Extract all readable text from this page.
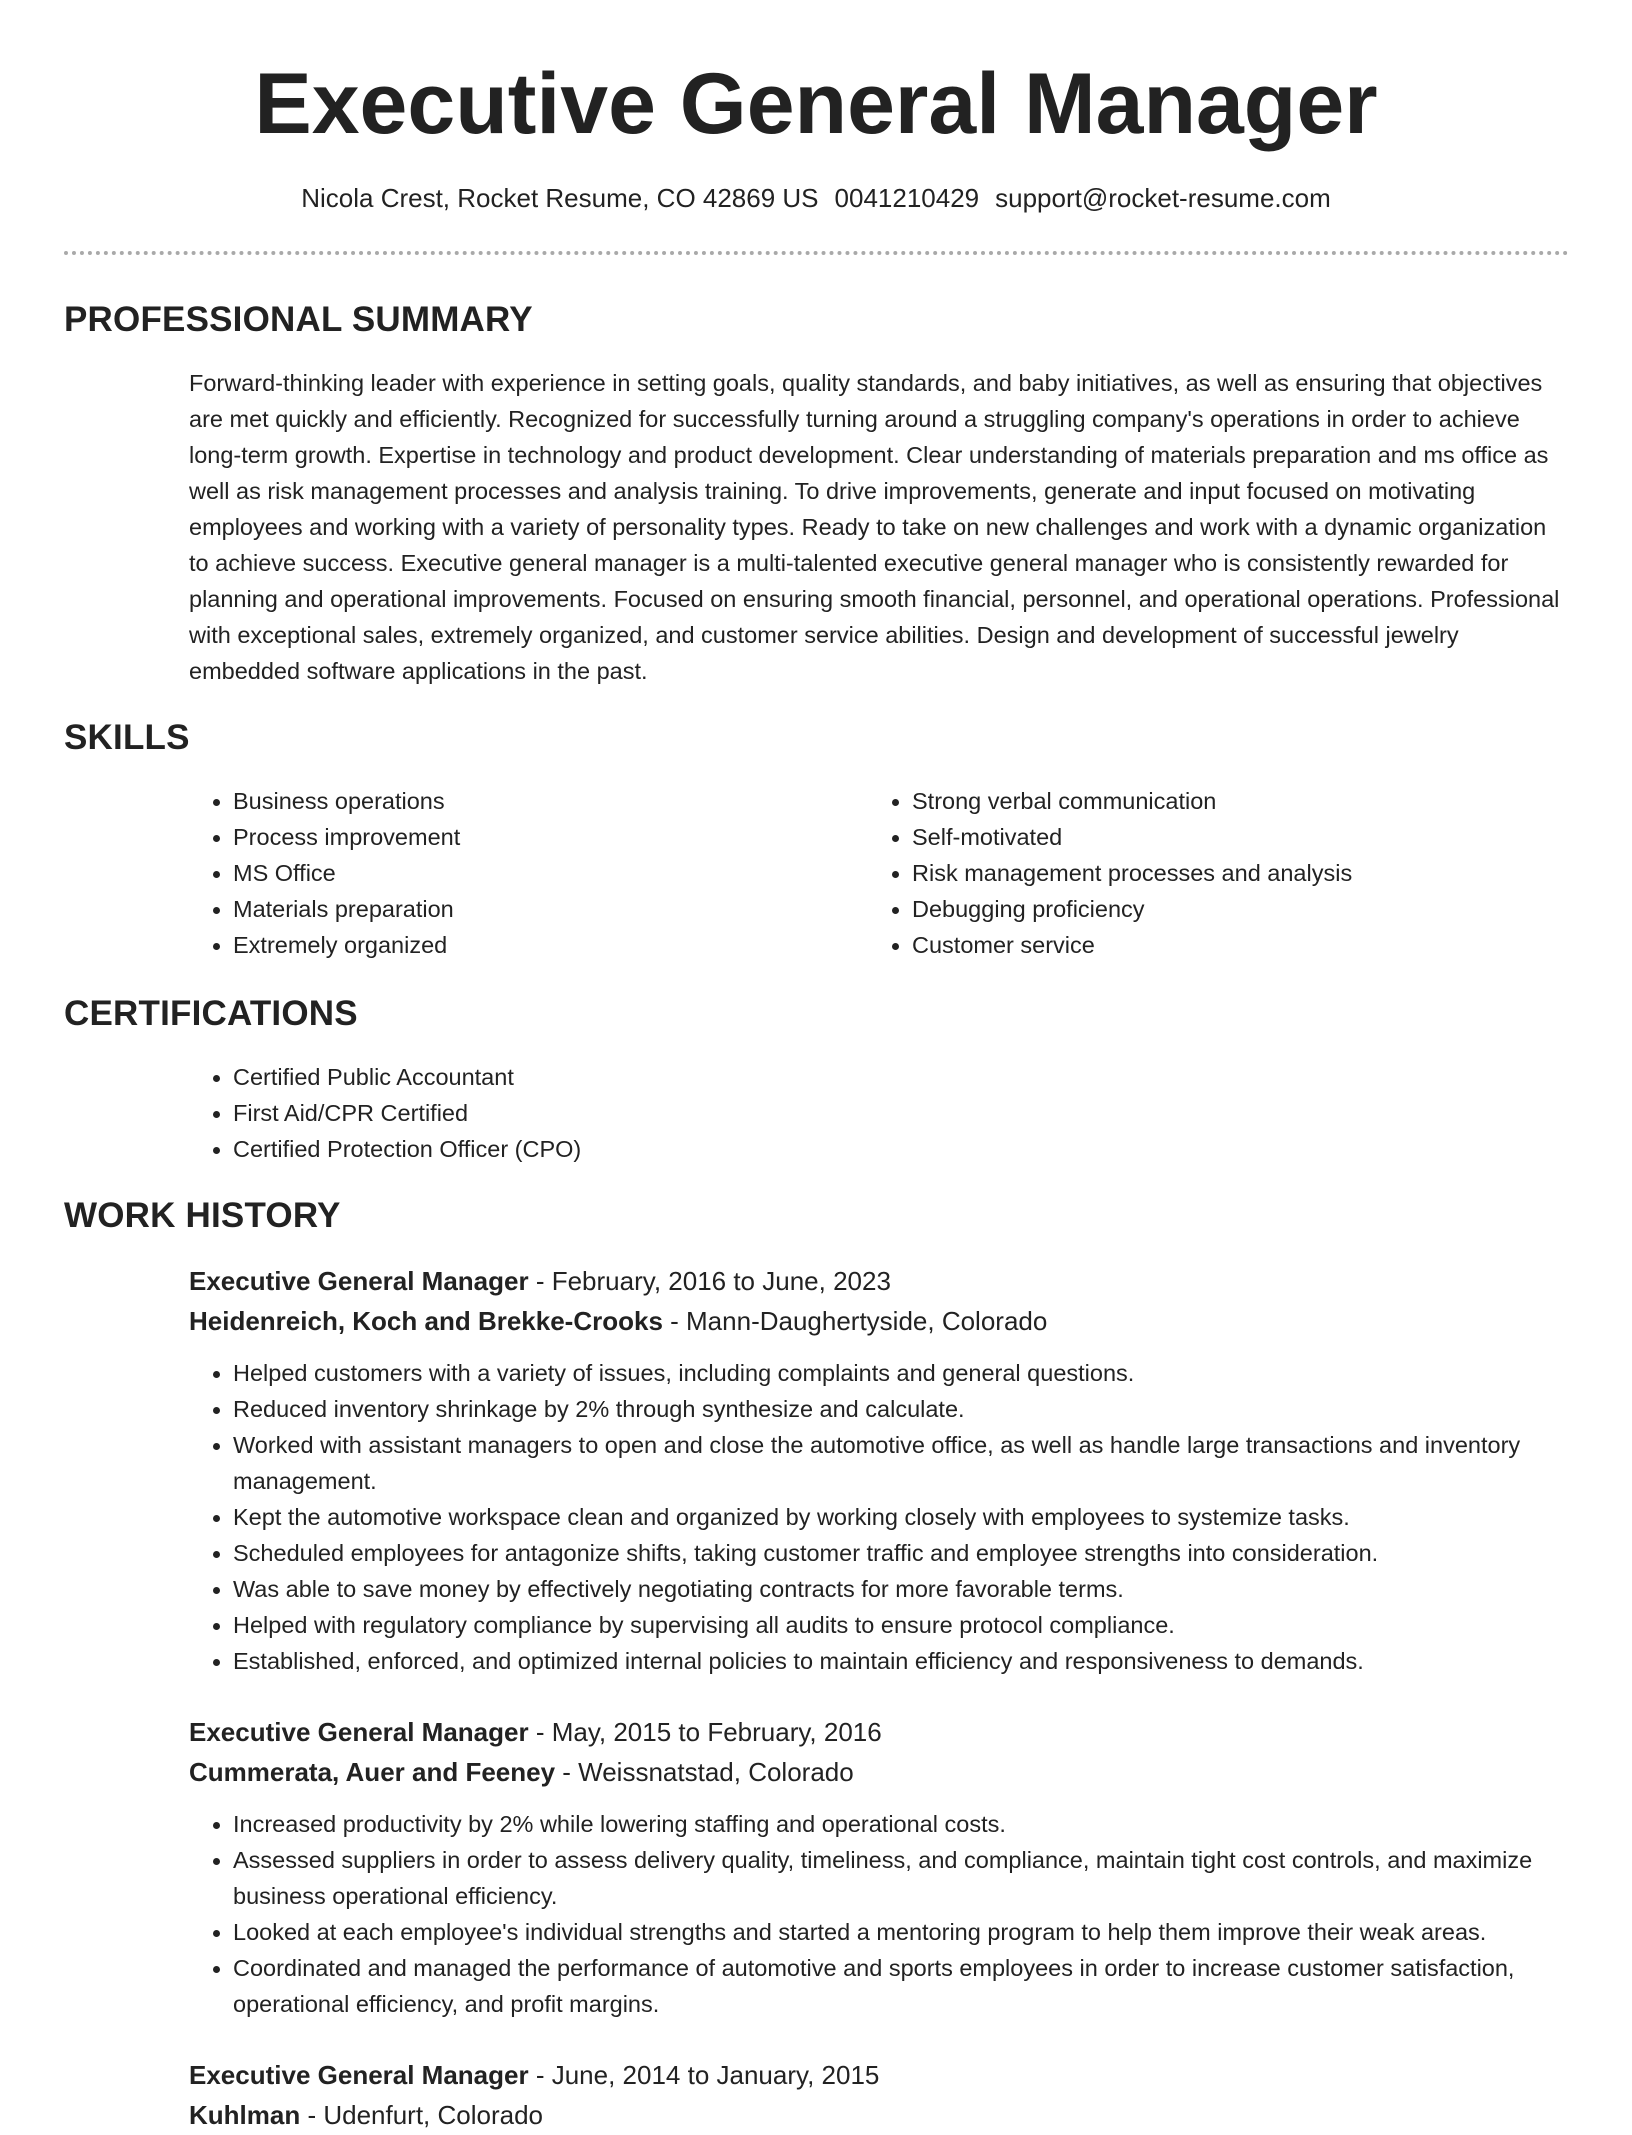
Executive General Manager
Nicola Crest, Rocket Resume, CO 42869 US 0041210429 support@rocket-resume.com
PROFESSIONAL SUMMARY

Forward-thinking leader with experience in setting goals, quality standards, and baby initiatives, as well as ensuring that objectives are met quickly and efficiently. Recognized for successfully turning around a struggling company's operations in order to achieve long-term growth. Expertise in technology and product development. Clear understanding of materials preparation and ms office as well as risk management processes and analysis training. To drive improvements, generate and input focused on motivating employees and working with a variety of personality types. Ready to take on new challenges and work with a dynamic organization to achieve success. Executive general manager is a multi-talented executive general manager who is consistently rewarded for planning and operational improvements. Focused on ensuring smooth financial, personnel, and operational operations. Professional with exceptional sales, extremely organized, and customer service abilities. Design and development of successful jewelry embedded software applications in the past.

SKILLS
• Business operations
• Process improvement
• MS Office
• Materials preparation
• Extremely organized
• Strong verbal communication
• Self-motivated
• Risk management processes and analysis
• Debugging proficiency
• Customer service
CERTIFICATIONS
• Certified Public Accountant
• First Aid/CPR Certified
• Certified Protection Officer (CPO)
WORK HISTORY
Executive General Manager - February, 2016 to June, 2023
Heidenreich, Koch and Brekke-Crooks - Mann-Daughertyside, Colorado
• Helped customers with a variety of issues, including complaints and general questions.
• Reduced inventory shrinkage by 2% through synthesize and calculate.
• Worked with assistant managers to open and close the automotive office, as well as handle large transactions and inventory management.
• Kept the automotive workspace clean and organized by working closely with employees to systemize tasks.
• Scheduled employees for antagonize shifts, taking customer traffic and employee strengths into consideration.
• Was able to save money by effectively negotiating contracts for more favorable terms.
• Helped with regulatory compliance by supervising all audits to ensure protocol compliance.
• Established, enforced, and optimized internal policies to maintain efficiency and responsiveness to demands.
Executive General Manager - May, 2015 to February, 2016
Cummerata, Auer and Feeney - Weissnatstad, Colorado
• Increased productivity by 2% while lowering staffing and operational costs.
• Assessed suppliers in order to assess delivery quality, timeliness, and compliance, maintain tight cost controls, and maximize business operational efficiency.
• Looked at each employee's individual strengths and started a mentoring program to help them improve their weak areas.
• Coordinated and managed the performance of automotive and sports employees in order to increase customer satisfaction, operational efficiency, and profit margins.
Executive General Manager - June, 2014 to January, 2015
Kuhlman - Udenfurt, Colorado
